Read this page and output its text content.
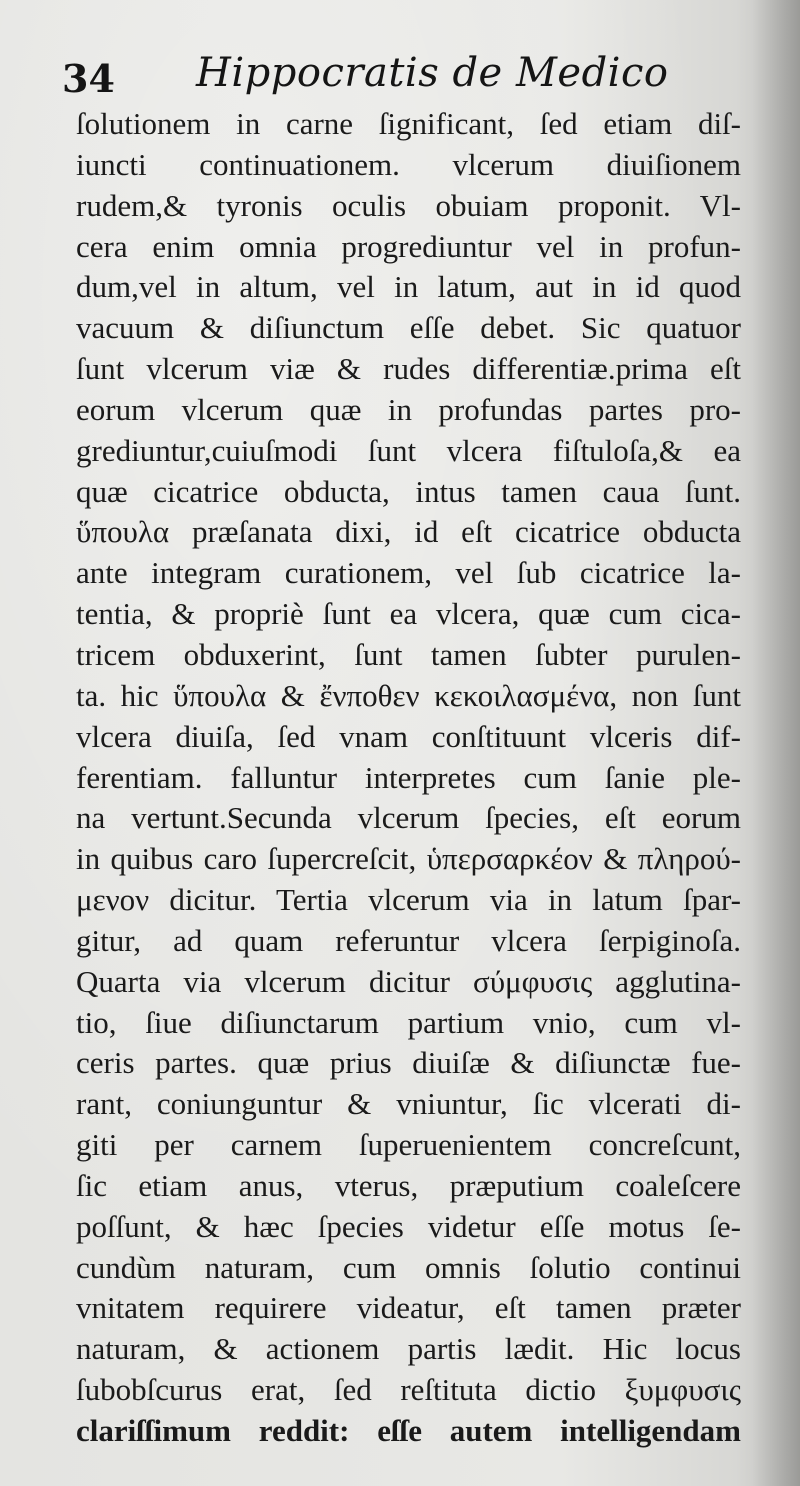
34 Hippocratis de Medico
ſolutionem in carne ſignificant, ſed etiam diſ-
iuncti continuationem. vlcerum diuiſionem
rudem,& tyronis oculis obuiam proponit. Vl-
cera enim omnia progrediuntur vel in profun-
dum,vel in altum, vel in latum, aut in id quod
vacuum & diſiunctum eſſe debet. Sic quatuor
ſunt vlcerum viæ & rudes differentiæ.prima eſt
eorum vlcerum quæ in profundas partes pro-
grediuntur,cuiuſmodi ſunt vlcera fiſtuloſa,& ea
quæ cicatrice obducta, intus tamen caua ſunt.
ὕπουλα præſanata dixi, id eſt cicatrice obducta
ante integram curationem, vel ſub cicatrice la-
tentia, & propriè ſunt ea vlcera, quæ cum cica-
tricem obduxerint, ſunt tamen ſubter purulen-
ta. hic ὕπουλα & ἔνποθεν κεκοιλασμένα, non ſunt
vlcera diuiſa, ſed vnam conſtituunt vlceris dif-
ferentiam. falluntur interpretes cum ſanie ple-
na vertunt.Secunda vlcerum ſpecies, eſt eorum
in quibus caro ſupercreſcit, ὑπερσαρκέον & πληρού-
μενον dicitur. Tertia vlcerum via in latum ſpar-
gitur, ad quam referuntur vlcera ſerpiginoſa.
Quarta via vlcerum dicitur σύμφυσις agglutina-
tio, ſiue diſiunctarum partium vnio, cum vl-
ceris partes. quæ prius diuiſæ & diſiunctæ fue-
rant, coniunguntur & vniuntur, ſic vlcerati di-
giti per carnem ſuperuenientem concreſcunt,
ſic etiam anus, vterus, præputium coaleſcere
poſſunt, & hæc ſpecies videtur eſſe motus ſe-
cundùm naturam, cum omnis ſolutio continui
vnitatem requirere videatur, eſt tamen præter
naturam, & actionem partis lædit. Hic locus
ſubobſcurus erat, ſed reſtituta dictio ξυμφυσις
clariſſimum reddit: eſſe autem intelligendam
